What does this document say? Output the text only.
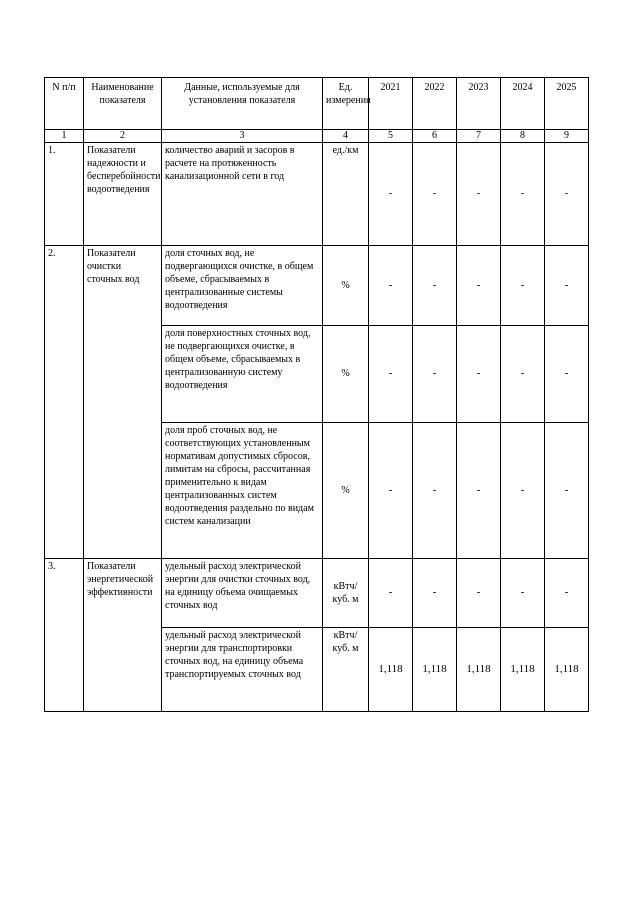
N п/п	Наименование показателя	Данные, используемые для установления показателя	Ед. измерения	2021	2022	2023	2024	2025
1	2	3	4	5	6	7	8	9
1.	Показатели надежности и бесперебойности водоотведения	количество аварий и засоров в расчете на протяженность канализационной сети в год	ед./км	-	-	-	-	-
2.	Показатели очистки сточных вод	доля сточных вод, не подвергающихся очистке, в общем объеме, сбрасываемых в централизованные системы водоотведения	%	-	-	-	-	-
		доля поверхностных сточных вод, не подвергающихся очистке, в общем объеме, сбрасываемых в централизованную систему водоотведения	%	-	-	-	-	-
		доля проб сточных вод, не соответствующих установленным нормативам допустимых сбросов, лимитам на сбросы, рассчитанная применительно к видам централизованных систем водоотведения раздельно по видам систем канализации	%	-	-	-	-	-
3.	Показатели энергетической эффективности	удельный расход электрической энергии для очистки сточных вод, на единицу объема очищаемых сточных вод	кВтч/ куб. м	-	-	-	-	-
		удельный расход электрической энергии для транспортировки сточных вод, на единицу объема транспортируемых сточных вод	кВтч/ куб. м	1,118	1,118	1,118	1,118	1,118
